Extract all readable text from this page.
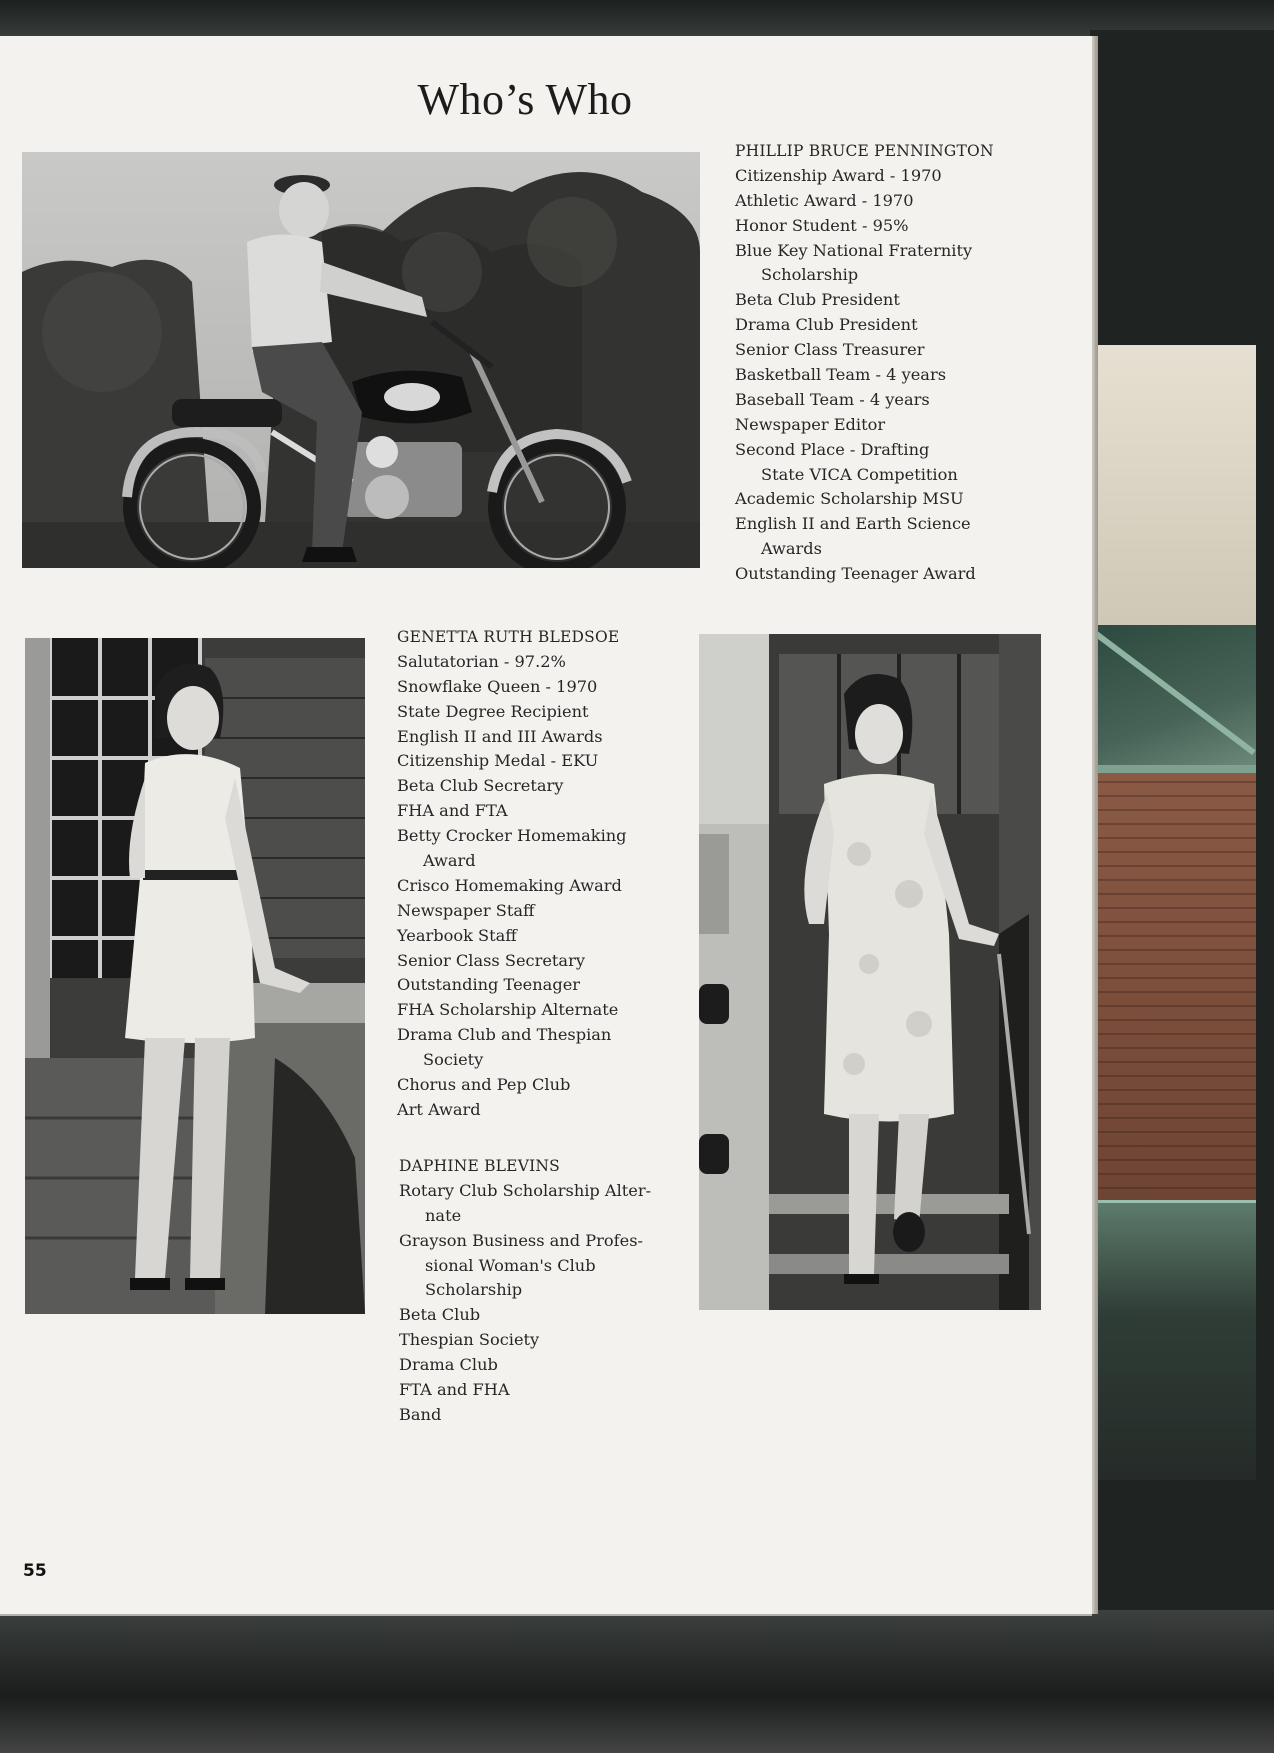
Who’s Who
PHILLIP BRUCE PENNINGTON
Citizenship Award - 1970
Athletic Award - 1970
Honor Student - 95%
Blue Key National Fraternity
Scholarship
Beta Club President
Drama Club President
Senior Class Treasurer
Basketball Team - 4 years
Baseball Team - 4 years
Newspaper Editor
Second Place - Drafting
State VICA Competition
Academic Scholarship MSU
English II and Earth Science
Awards
Outstanding Teenager Award
GENETTA RUTH BLEDSOE
Salutatorian - 97.2%
Snowflake Queen - 1970
State Degree Recipient
English II and III Awards
Citizenship Medal - EKU
Beta Club Secretary
FHA and FTA
Betty Crocker Homemaking
Award
Crisco Homemaking Award
Newspaper Staff
Yearbook Staff
Senior Class Secretary
Outstanding Teenager
FHA Scholarship Alternate
Drama Club and Thespian
Society
Chorus and Pep Club
Art Award
DAPHINE BLEVINS
Rotary Club Scholarship Alter-
nate
Grayson Business and Profes-
sional Woman's Club
Scholarship
Beta Club
Thespian Society
Drama Club
FTA and FHA
Band
55
